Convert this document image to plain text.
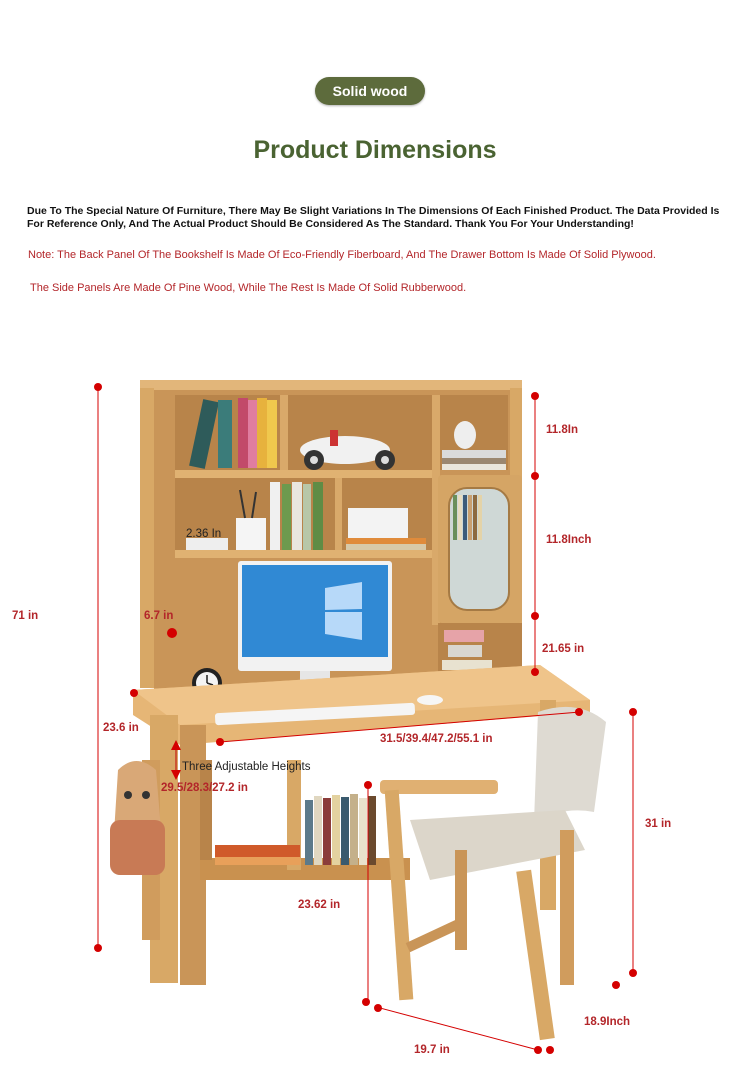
Solid wood
Product Dimensions
Due To The Special Nature Of Furniture, There May Be Slight Variations In The Dimensions Of Each Finished Product. The Data Provided Is For Reference Only, And The Actual Product Should Be Considered As The Standard. Thank You For Your Understanding!
Note: The Back Panel Of The Bookshelf Is Made Of Eco-Friendly Fiberboard, And The Drawer Bottom Is Made Of Solid Plywood.
The Side Panels Are Made Of Pine Wood, While The Rest Is Made Of Solid Rubberwood.
71 in
11.8In
11.8Inch
21.65 in
2.36 In
6.7 in
23.6 in
31.5/39.4/47.2/55.1 in
Three Adjustable Heights
29.5/28.3/27.2 in
23.62 in
31 in
18.9Inch
19.7 in
